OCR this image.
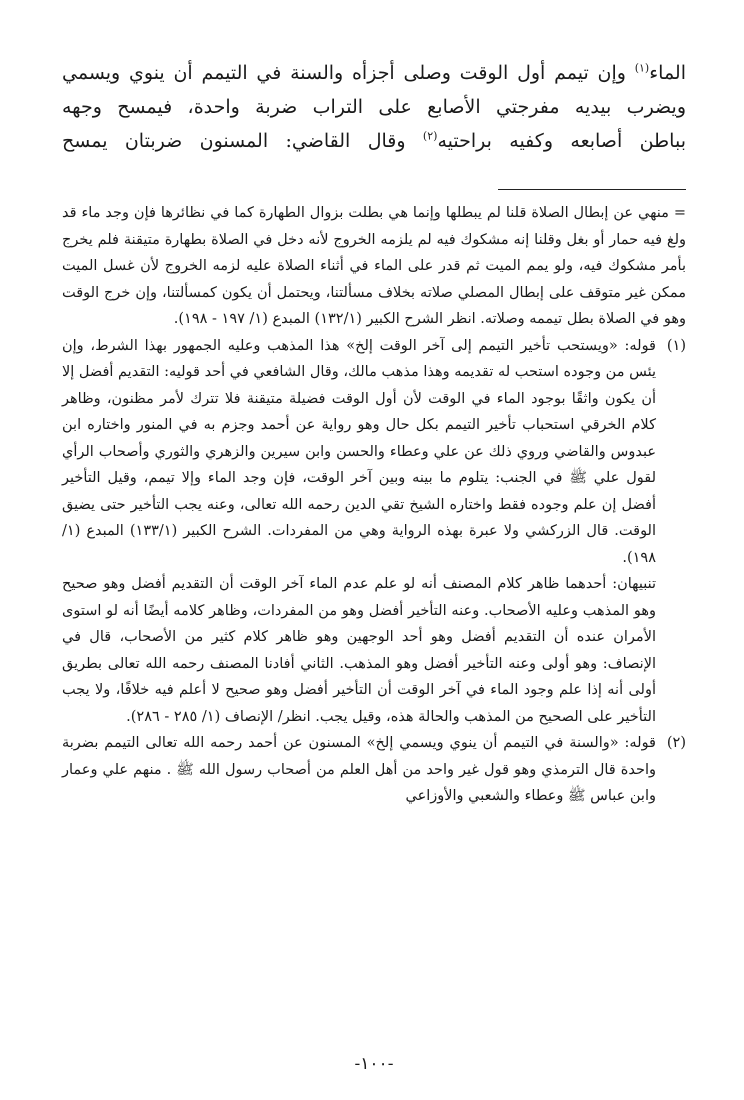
الماء$^{(١)}$ وإن تيمم أول الوقت وصلى أجزأه والسنة في التيمم أن ينوي ويسمي
ويضرب بيديه مفرجتي الأصابع على التراب ضربة واحدة، فيمسح وجهه
بباطن أصابعه وكفيه براحتيه$^{(٢)}$ وقال القاضي: المسنون ضربتان يمسح
= منهي عن إبطال الصلاة قلنا لم يبطلها وإنما هي بطلت بزوال الطهارة كما في نظائرها فإن وجد ماء قد ولغ فيه حمار أو بغل وقلنا إنه مشكوك فيه لم يلزمه الخروج لأنه دخل في الصلاة بطهارة متيقنة فلم يخرج بأمر مشكوك فيه، ولو يمم الميت ثم قدر على الماء في أثناء الصلاة عليه لزمه الخروج لأن غسل الميت ممكن غير متوقف على إبطال المصلي صلاته بخلاف مسألتنا، ويحتمل أن يكون كمسألتنا، وإن خرج الوقت وهو في الصلاة بطل تيممه وصلاته. انظر الشرح الكبير (١٣٢/١) المبدع (١/ ١٩٧ - ١٩٨).
(١)
قوله: «ويستحب تأخير التيمم إلى آخر الوقت إلخ» هذا المذهب وعليه الجمهور بهذا الشرط، وإن يئس من وجوده استحب له تقديمه وهذا مذهب مالك، وقال الشافعي في أحد قوليه: التقديم أفضل إلا أن يكون واثقًا بوجود الماء في الوقت لأن أول الوقت فضيلة متيقنة فلا تترك لأمر مظنون، وظاهر كلام الخرقي استحباب تأخير التيمم بكل حال وهو رواية عن أحمد وجزم به في المنور واختاره ابن عبدوس والقاضي وروي ذلك عن علي وعطاء والحسن وابن سيرين والزهري والثوري وأصحاب الرأي لقول علي ﷺ في الجنب: يتلوم ما بينه وبين آخر الوقت، فإن وجد الماء وإلا تيمم، وقيل التأخير أفضل إن علم وجوده فقط واختاره الشيخ تقي الدين رحمه الله تعالى، وعنه يجب التأخير حتى يضيق الوقت. قال الزركشي ولا عبرة بهذه الرواية وهي من المفردات. الشرح الكبير (١٣٣/١) المبدع (١/ ١٩٨).
تنبيهان: أحدهما ظاهر كلام المصنف أنه لو علم عدم الماء آخر الوقت أن التقديم أفضل وهو صحيح وهو المذهب وعليه الأصحاب. وعنه التأخير أفضل وهو من المفردات، وظاهر كلامه أيضًا أنه لو استوى الأمران عنده أن التقديم أفضل وهو أحد الوجهين وهو ظاهر كلام كثير من الأصحاب، قال في الإنصاف: وهو أولى وعنه التأخير أفضل وهو المذهب. الثاني أفادنا المصنف رحمه الله تعالى بطريق أولى أنه إذا علم وجود الماء في آخر الوقت أن التأخير أفضل وهو صحيح لا أعلم فيه خلافًا، ولا يجب التأخير على الصحيح من المذهب والحالة هذه، وقيل يجب. انظر/ الإنصاف (١/ ٢٨٥ - ٢٨٦).
(٢)
قوله: «والسنة في التيمم أن ينوي ويسمي إلخ» المسنون عن أحمد رحمه الله تعالى التيمم بضربة واحدة قال الترمذي وهو قول غير واحد من أهل العلم من أصحاب رسول الله ﷺ . منهم علي وعمار وابن عباس ﷺ وعطاء والشعبي والأوزاعي
-١٠٠-
